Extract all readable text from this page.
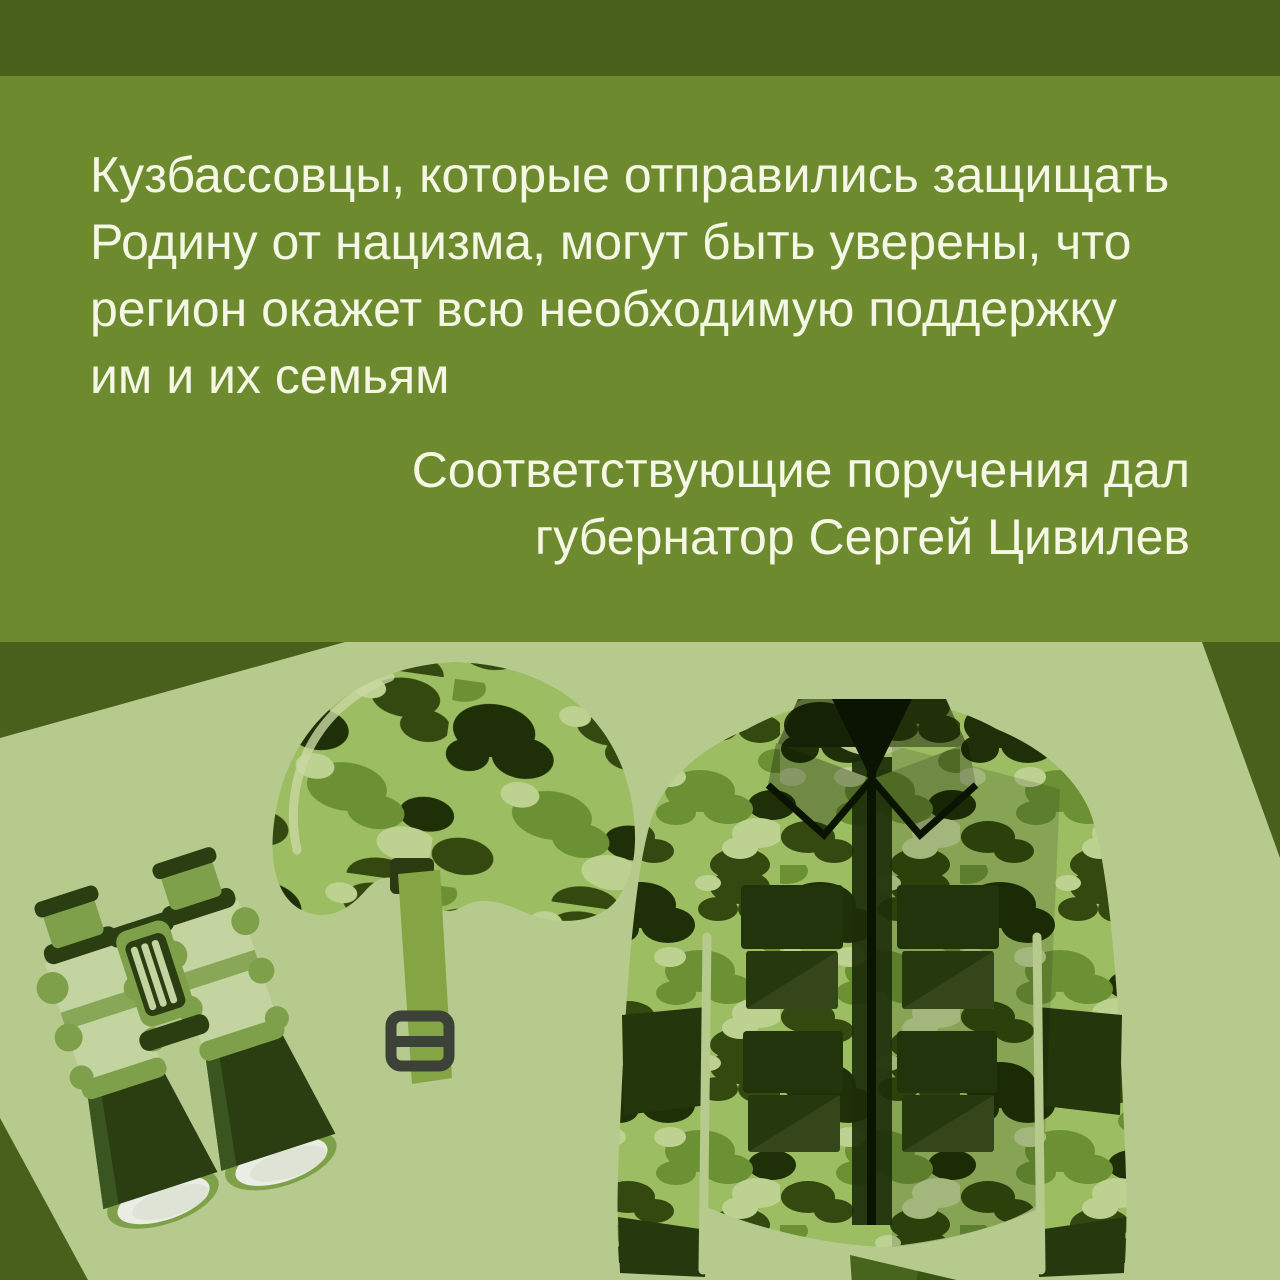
Кузбассовцы, которые отправились защищать
Родину от нацизма, могут быть уверены, что
регион окажет всю необходимую поддержку
им и их семьям
Соответствующие поручения дал
губернатор Сергей Цивилев
